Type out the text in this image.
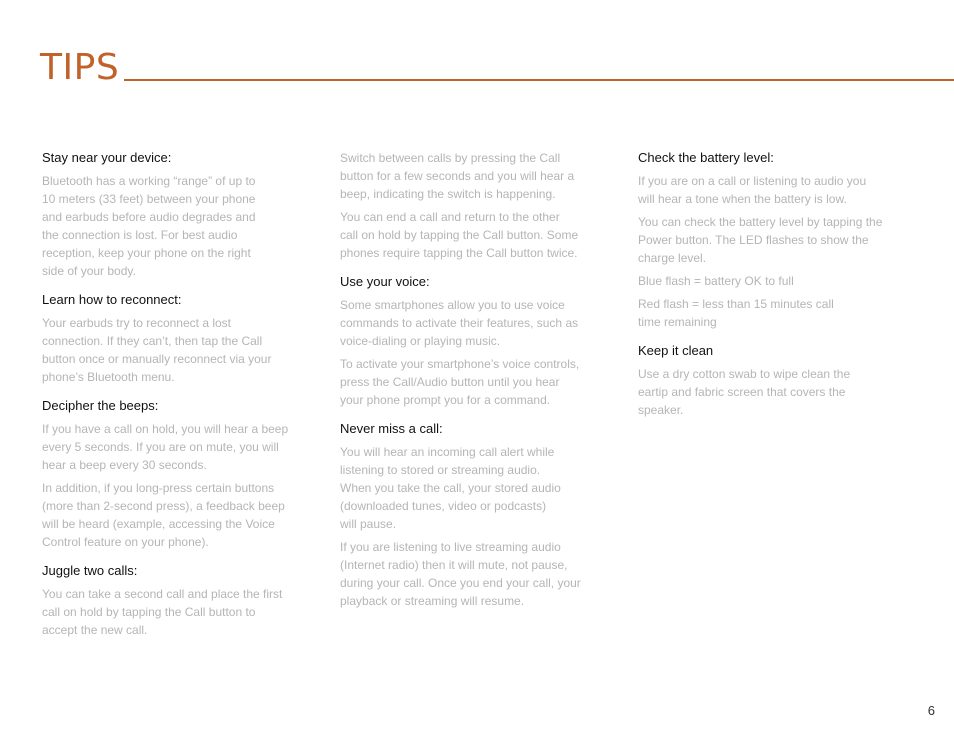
TIPS
Stay near your device:
Bluetooth has a working “range” of up to
10 meters (33 feet) between your phone
and earbuds before audio degrades and
the connection is lost. For best audio
reception, keep your phone on the right
side of your body.
Learn how to reconnect:
Your earbuds try to reconnect a lost
connection. If they can’t, then tap the Call
button once or manually reconnect via your
phone’s Bluetooth menu.
Decipher the beeps:
If you have a call on hold, you will hear a beep
every 5 seconds. If you are on mute, you will
hear a beep every 30 seconds.
In addition, if you long-press certain buttons
(more than 2-second press), a feedback beep
will be heard (example, accessing the Voice
Control feature on your phone).
Juggle two calls:
You can take a second call and place the first
call on hold by tapping the Call button to
accept the new call.
Switch between calls by pressing the Call
button for a few seconds and you will hear a
beep, indicating the switch is happening.
You can end a call and return to the other
call on hold by tapping the Call button. Some
phones require tapping the Call button twice.
Use your voice:
Some smartphones allow you to use voice
commands to activate their features, such as
voice-dialing or playing music.
To activate your smartphone’s voice controls,
press the Call/Audio button until you hear
your phone prompt you for a command.
Never miss a call:
You will hear an incoming call alert while
listening to stored or streaming audio.
When you take the call, your stored audio
(downloaded tunes, video or podcasts)
will pause.
If you are listening to live streaming audio
(Internet radio) then it will mute, not pause,
during your call. Once you end your call, your
playback or streaming will resume.
Check the battery level:
If you are on a call or listening to audio you
will hear a tone when the battery is low.
You can check the battery level by tapping the
Power button. The LED flashes to show the
charge level.
Blue flash = battery OK to full
Red flash = less than 15 minutes call
time remaining
Keep it clean
Use a dry cotton swab to wipe clean the
eartip and fabric screen that covers the
speaker.
6
